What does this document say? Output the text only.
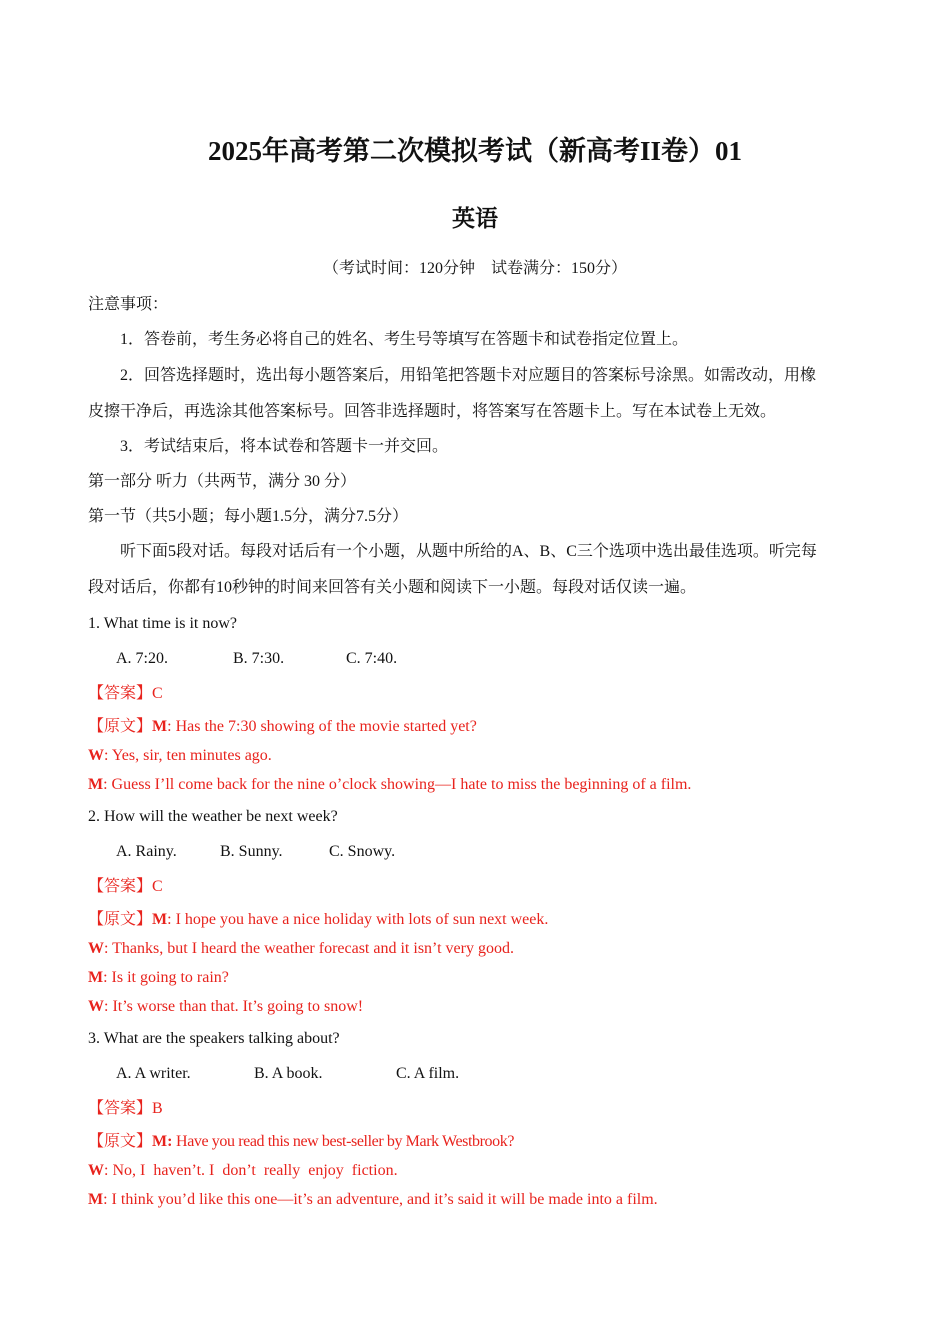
2025年高考第二次模拟考试（新高考II卷）01
英语
（考试时间：120分钟　试卷满分：150分）
注意事项：
1．答卷前，考生务必将自己的姓名、考生号等填写在答题卡和试卷指定位置上。
2．回答选择题时，选出每小题答案后，用铅笔把答题卡对应题目的答案标号涂黑。如需改动，用橡
皮擦干净后，再选涂其他答案标号。回答非选择题时，将答案写在答题卡上。写在本试卷上无效。
3．考试结束后，将本试卷和答题卡一并交回。
第一部分 听力（共两节，满分 30 分）
第一节（共5小题；每小题1.5分，满分7.5分）
听下面5段对话。每段对话后有一个小题，从题中所给的A、B、C三个选项中选出最佳选项。听完每
段对话后，你都有10秒钟的时间来回答有关小题和阅读下一小题。每段对话仅读一遍。
1. What time is it now?
A. 7:20.	B. 7:30.	C. 7:40.
【答案】C
【原文】M: Has the 7:30 showing of the movie started yet?
W: Yes, sir, ten minutes ago.
M: Guess I’ll come back for the nine o’clock showing—I hate to miss the beginning of a film.
2. How will the weather be next week?
A. Rainy.	B. Sunny.	C. Snowy.
【答案】C
【原文】M: I hope you have a nice holiday with lots of sun next week.
W: Thanks, but I heard the weather forecast and it isn’t very good.
M: Is it going to rain?
W: It’s worse than that. It’s going to snow!
3. What are the speakers talking about?
A. A writer.	B. A book.	C. A film.
【答案】B
【原文】M: Have you read this new best-seller by Mark Westbrook?
W: No, I  haven’t. I  don’t  really  enjoy  fiction.
M: I think you’d like this one—it’s an adventure, and it’s said it will be made into a film.
